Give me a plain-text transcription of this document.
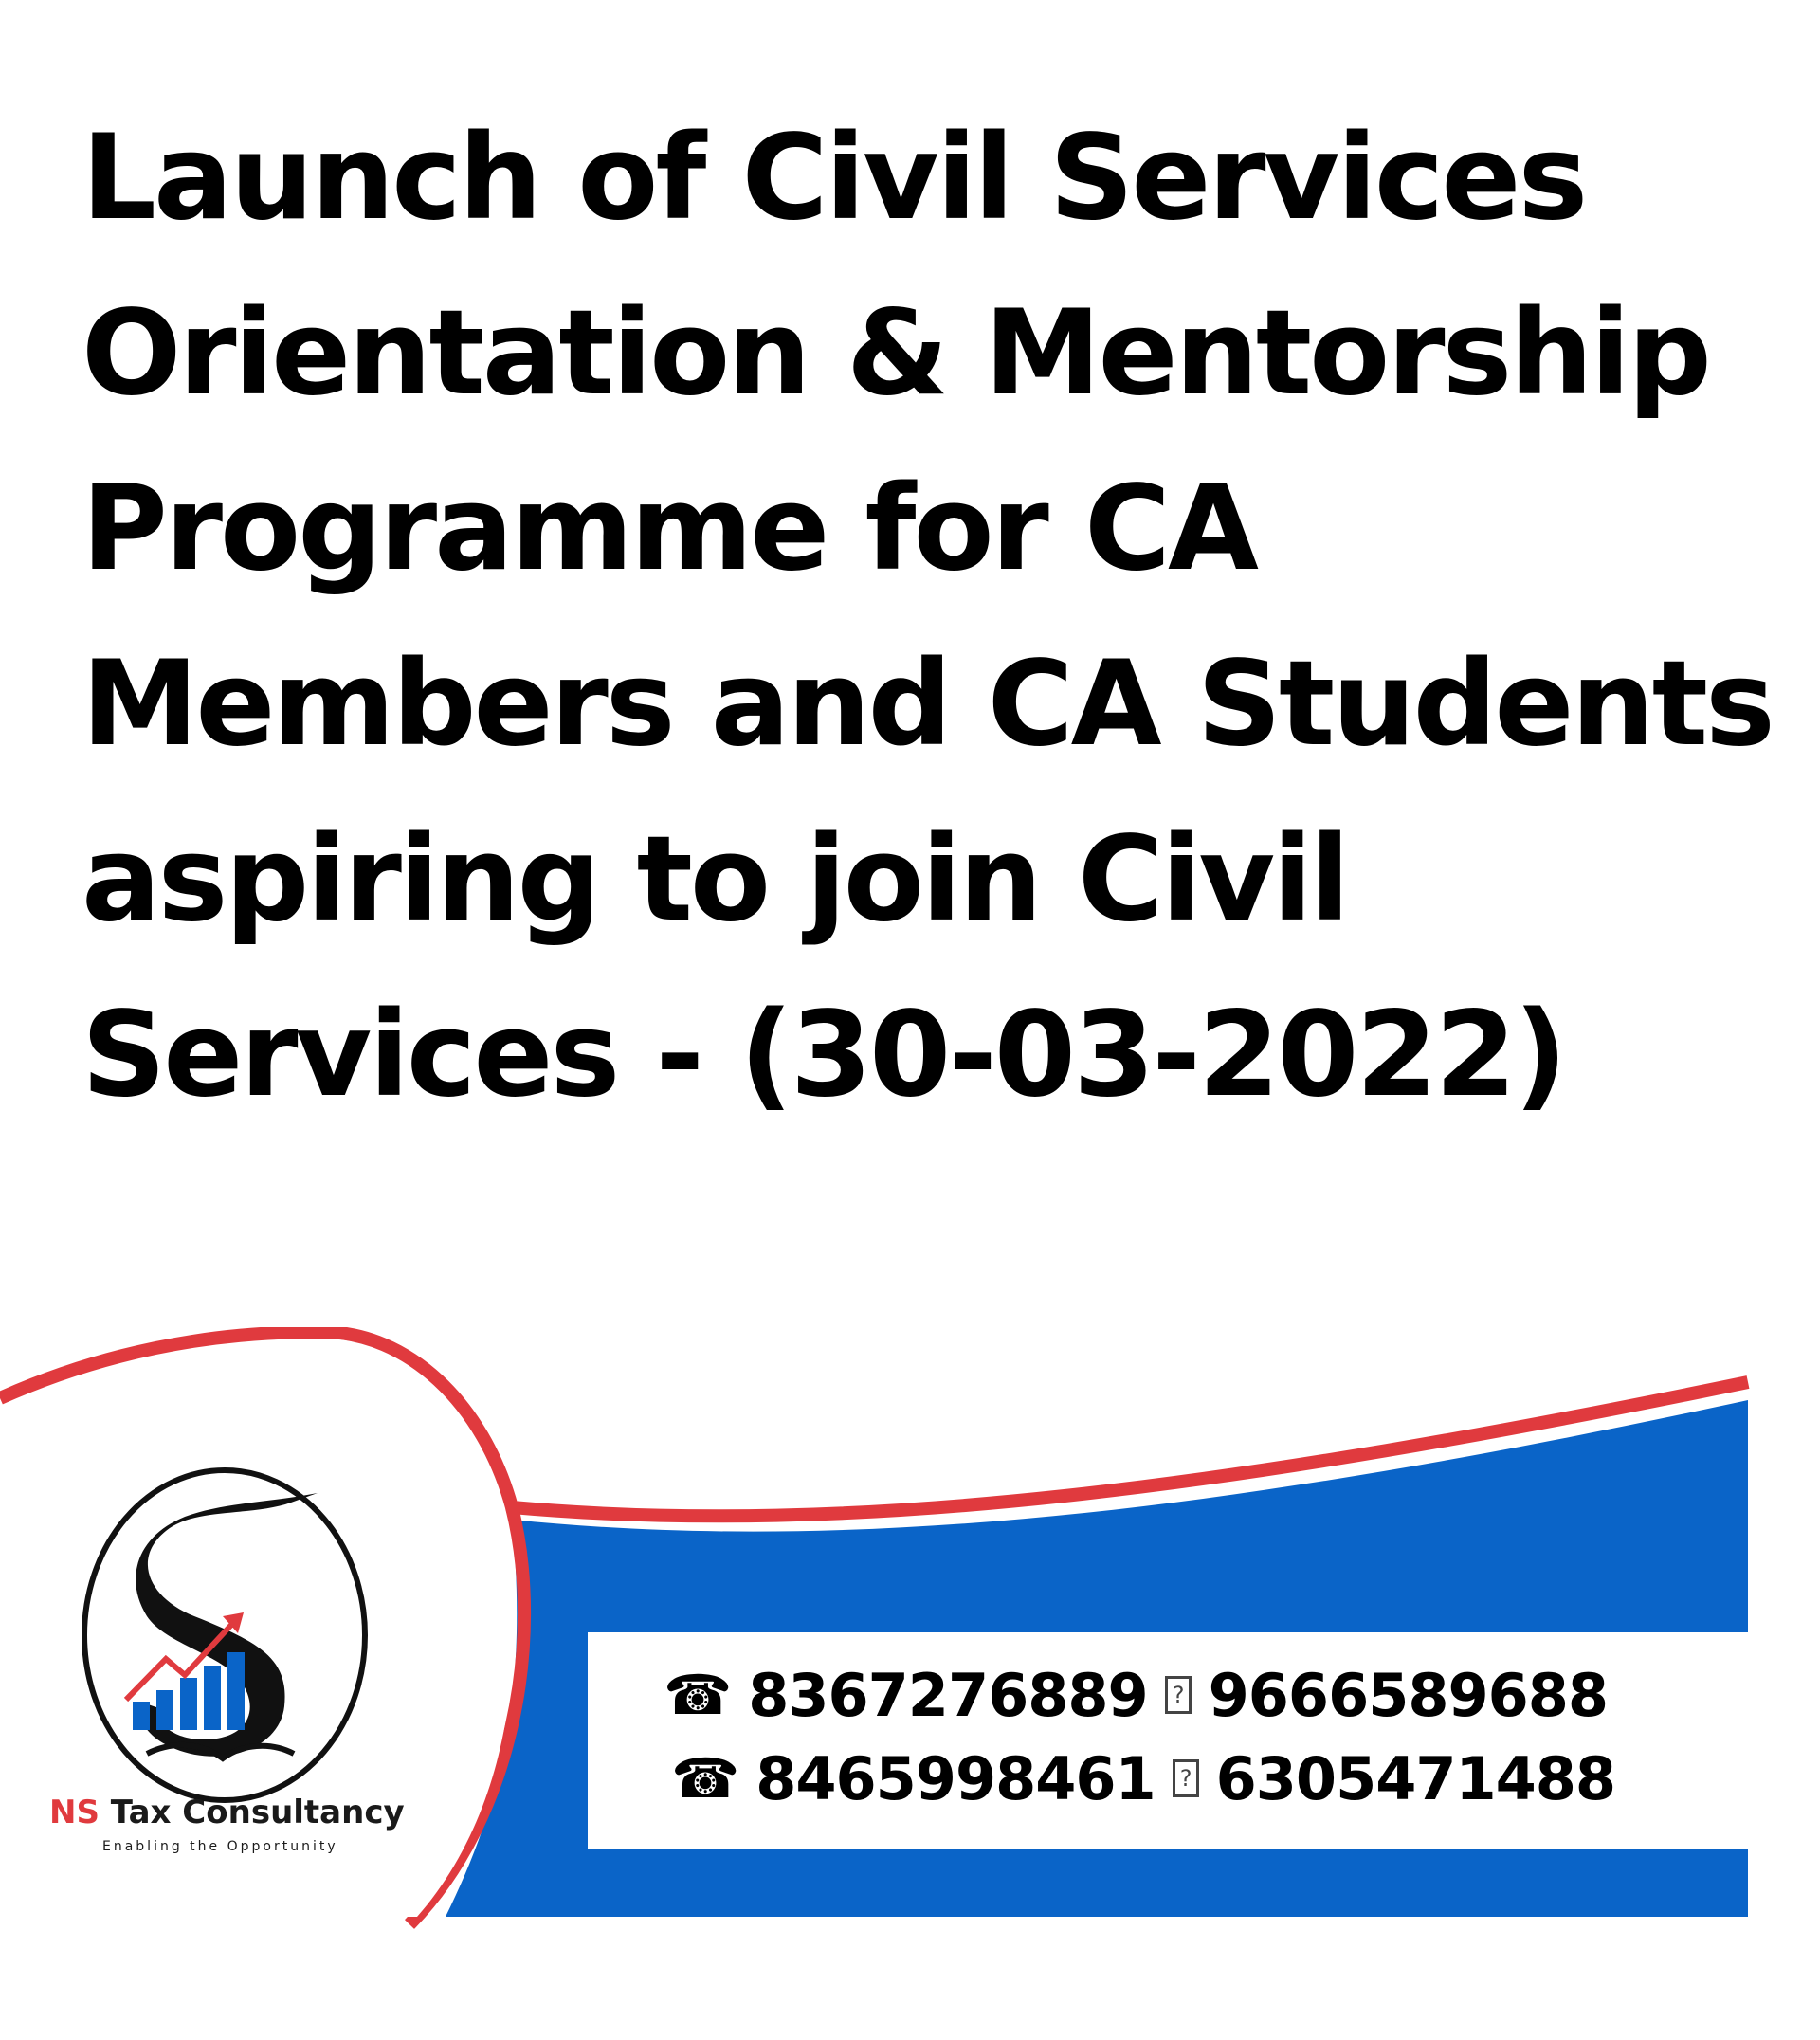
Launch of Civil Services
Orientation & Mentorship
Programme for CA
Members and CA Students
aspiring to join Civil
Services - (30-03-2022)
NS Tax Consultancy
Enabling the Opportunity
☎ 8367276889	? 9666589688
☎ 8465998461	? 6305471488
